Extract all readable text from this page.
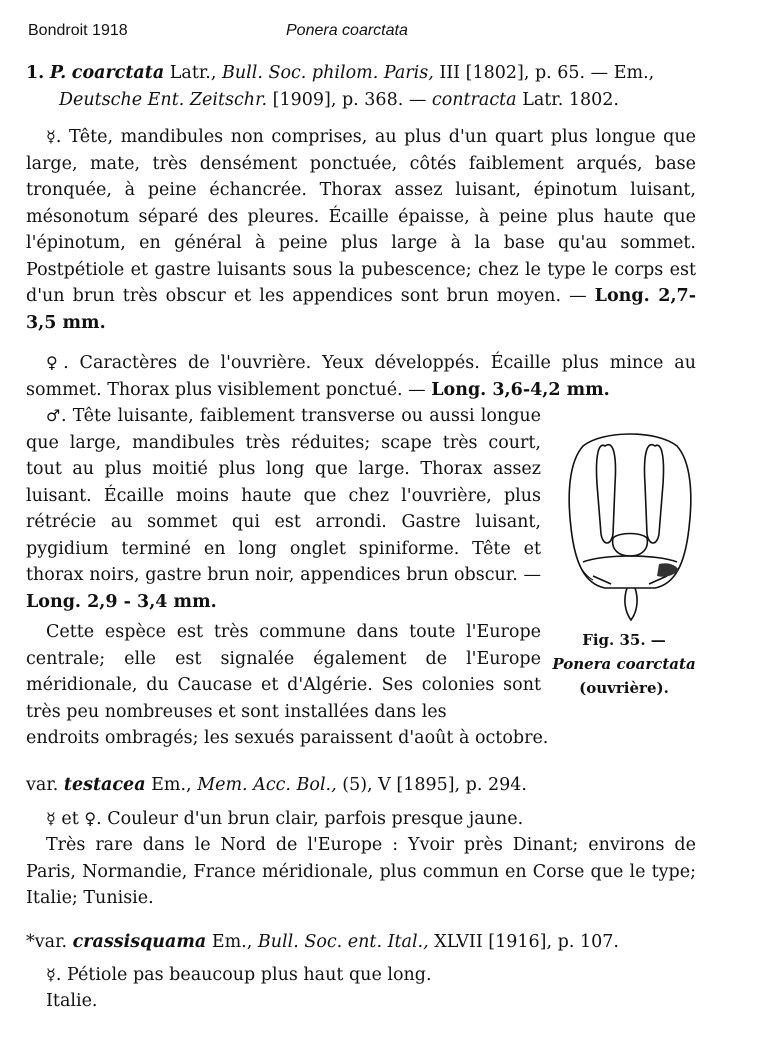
Bondroit 1918	Ponera coarctata

1. P. coarctata Latr., Bull. Soc. philom. Paris, III [1802], p. 65. — Em., Deutsche Ent. Zeitschr. [1909], p. 368. — contracta Latr. 1802.

☿. Tête, mandibules non comprises, au plus d'un quart plus longue que large, mate, très densément ponctuée, côtés faiblement arqués, base tronquée, à peine échancrée. Thorax assez luisant, épinotum luisant, mésonotum séparé des pleures. Écaille épaisse, à peine plus haute que l'épinotum, en général à peine plus large à la base qu'au sommet. Postpétiole et gastre luisants sous la pubescence; chez le type le corps est d'un brun très obscur et les appendices sont brun moyen. — Long. 2,7-3,5 mm.

♀. Caractères de l'ouvrière. Yeux développés. Écaille plus mince au sommet. Thorax plus visiblement ponctué. — Long. 3,6-4,2 mm.

♂. Tête luisante, faiblement transverse ou aussi longue que large, mandibules très réduites; scape très court, tout au plus moitié plus long que large. Thorax assez luisant. Écaille moins haute que chez l'ouvrière, plus rétrécie au sommet qui est arrondi. Gastre luisant, pygidium terminé en long onglet spiniforme. Tête et thorax noirs, gastre brun noir, appendices brun obscur. — Long. 2,9 - 3,4 mm.

Cette espèce est très commune dans toute l'Europe centrale; elle est signalée également de l'Europe méridionale, du Caucase et d'Algérie. Ses colonies sont très peu nombreuses et sont installées dans les

endroits ombragés; les sexués paraissent d'août à octobre.

Fig. 35. —
Ponera coarctata
(ouvrière).

var. testacea Em., Mem. Acc. Bol., (5), V [1895], p. 294.

☿ et ♀. Couleur d'un brun clair, parfois presque jaune.

Très rare dans le Nord de l'Europe : Yvoir près Dinant; environs de Paris, Normandie, France méridionale, plus commun en Corse que le type; Italie; Tunisie.

*var. crassisquama Em., Bull. Soc. ent. Ital., XLVII [1916], p. 107.

☿. Pétiole pas beaucoup plus haut que long.

Italie.
